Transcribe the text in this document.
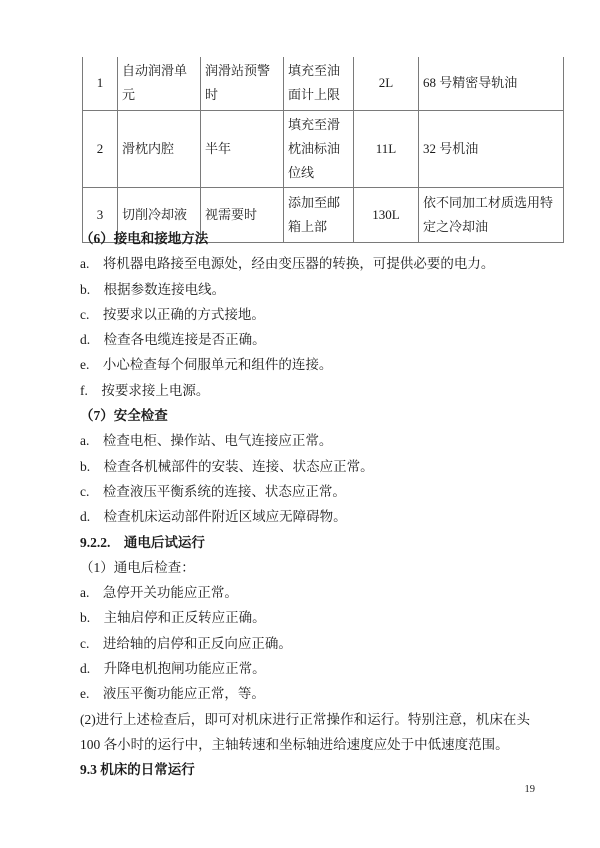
1	自动润滑单元	润滑站预警时	填充至油面计上限	2L	68 号精密导轨油
2	滑枕内腔	半年	填充至滑枕油标油位线	11L	32 号机油
3	切削冷却液	视需要时	添加至邮箱上部	130L	依不同加工材质选用特定之冷却油
（6）接电和接地方法
a.　将机器电路接至电源处，经由变压器的转换，可提供必要的电力。
b.　根据参数连接电线。
c.　按要求以正确的方式接地。
d.　检查各电缆连接是否正确。
e.　小心检查每个伺服单元和组件的连接。
f.　按要求接上电源。
（7）安全检查
a.　检查电柜、操作站、电气连接应正常。
b.　检查各机械部件的安装、连接、状态应正常。
c.　检查液压平衡系统的连接、状态应正常。
d.　检查机床运动部件附近区域应无障碍物。
9.2.2.　通电后试运行
（1）通电后检查：
a.　急停开关功能应正常。
b.　主轴启停和正反转应正确。
c.　进给轴的启停和正反向应正确。
d.　升降电机抱闸功能应正常。
e.　液压平衡功能应正常，等。
(2)进行上述检查后，即可对机床进行正常操作和运行。特别注意，机床在头 100 各小时的运行中，主轴转速和坐标轴进给速度应处于中低速度范围。
9.3 机床的日常运行
19
